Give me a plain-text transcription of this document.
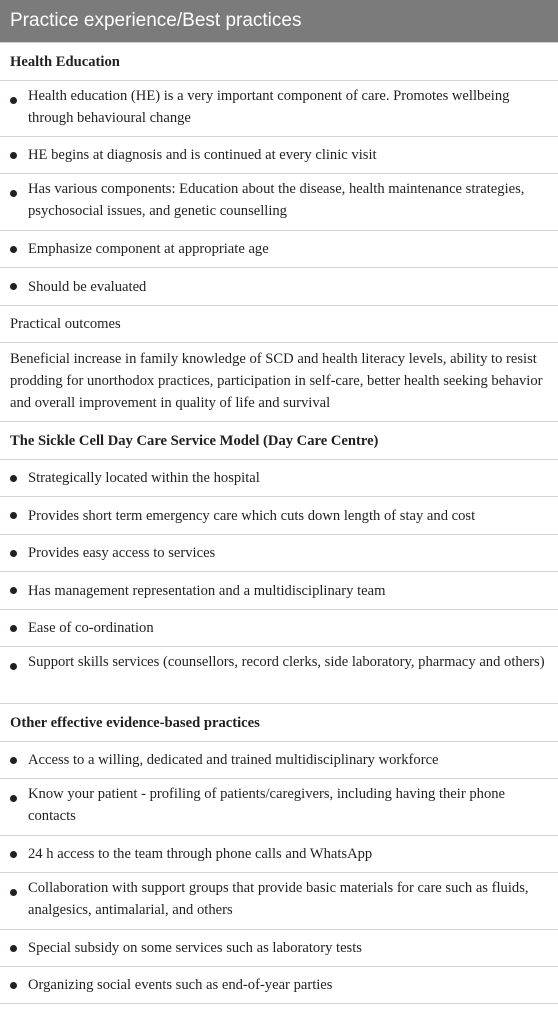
Practice experience/Best practices
Health Education
Health education (HE) is a very important component of care. Promotes wellbeing through behavioural change
HE begins at diagnosis and is continued at every clinic visit
Has various components: Education about the disease, health maintenance strategies, psychosocial issues, and genetic counselling
Emphasize component at appropriate age
Should be evaluated
Practical outcomes
Beneficial increase in family knowledge of SCD and health literacy levels, ability to resist prodding for unorthodox practices, participation in self-care, better health seeking behavior and overall improvement in quality of life and survival
The Sickle Cell Day Care Service Model (Day Care Centre)
Strategically located within the hospital
Provides short term emergency care which cuts down length of stay and cost
Provides easy access to services
Has management representation and a multidisciplinary team
Ease of co-ordination
Support skills services (counsellors, record clerks, side laboratory, pharmacy and others)
Other effective evidence-based practices
Access to a willing, dedicated and trained multidisciplinary workforce
Know your patient - profiling of patients/caregivers, including having their phone contacts
24 h access to the team through phone calls and WhatsApp
Collaboration with support groups that provide basic materials for care such as fluids, analgesics, antimalarial, and others
Special subsidy on some services such as laboratory tests
Organizing social events such as end-of-year parties
